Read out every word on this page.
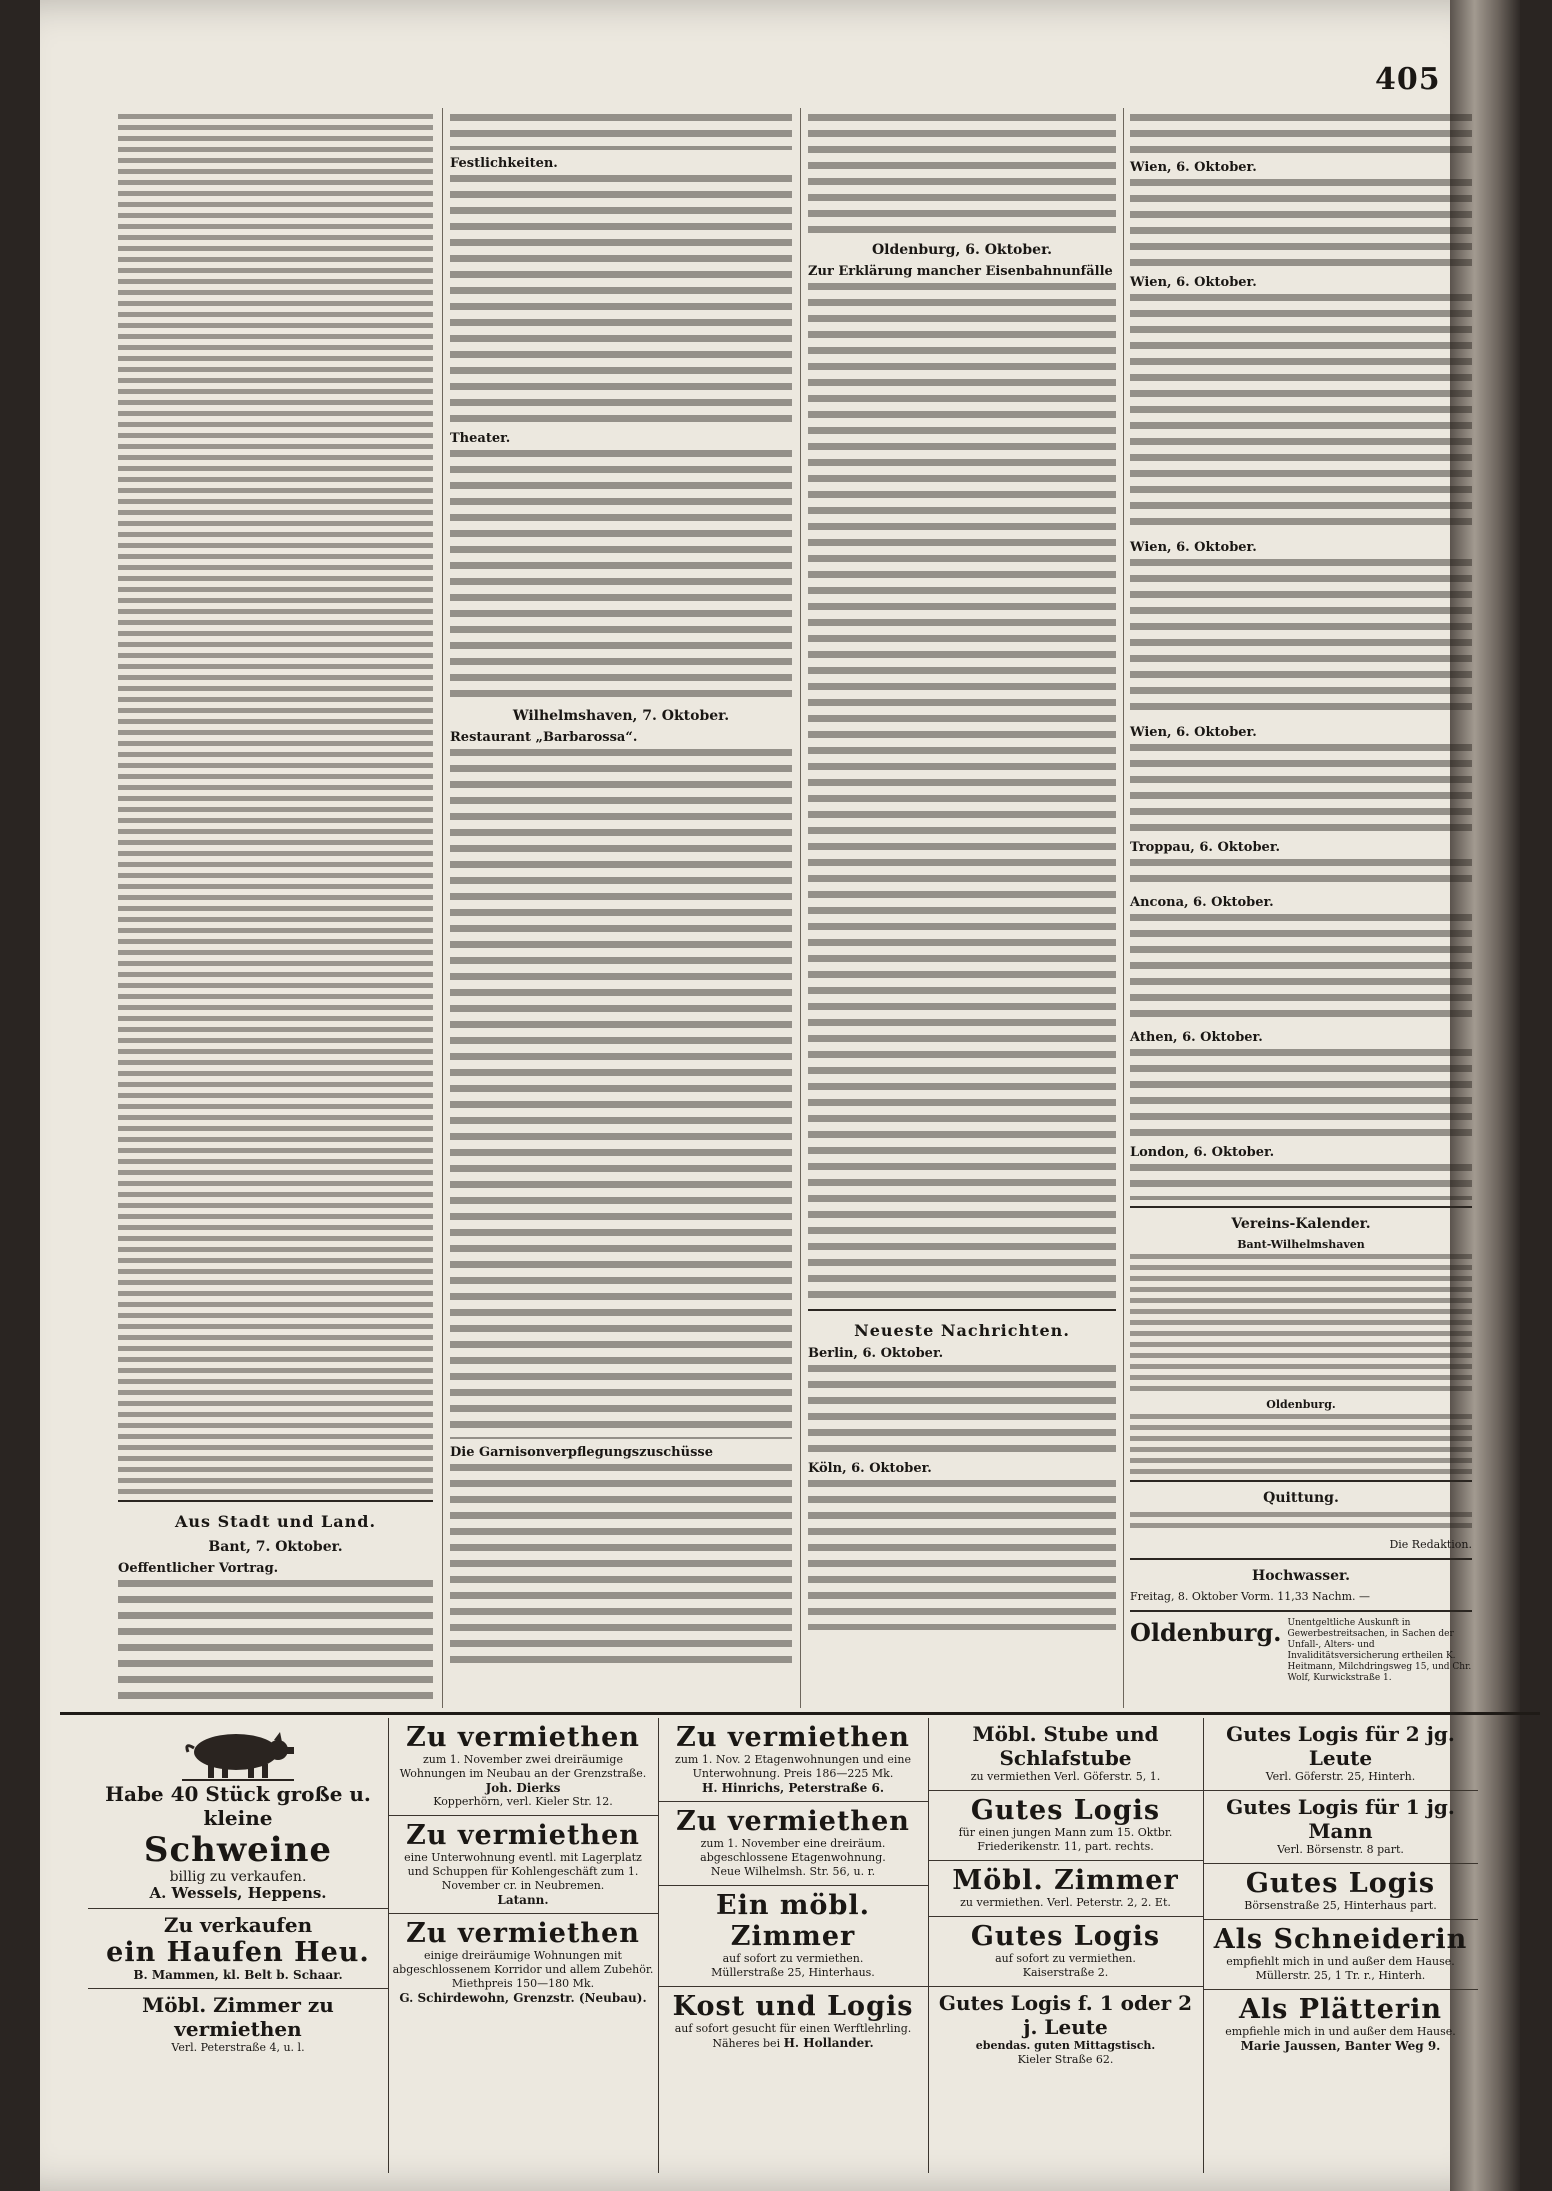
405
Aus Stadt und Land.
Bant, 7. Oktober.
Oeffentlicher Vortrag.
Festlichkeiten.
Theater.
Wilhelmshaven, 7. Oktober.
Restaurant „Barbarossa“.
Die Garnisonverpflegungszuschüsse
Oldenburg, 6. Oktober.
Zur Erklärung mancher Eisenbahnunfälle
Neueste Nachrichten.
Berlin, 6. Oktober.
Köln, 6. Oktober.
Wien, 6. Oktober.
Wien, 6. Oktober.
Wien, 6. Oktober.
Wien, 6. Oktober.
Troppau, 6. Oktober.
Ancona, 6. Oktober.
Athen, 6. Oktober.
London, 6. Oktober.
Vereins-Kalender.
Bant-Wilhelmshaven
Oldenburg.
Quittung.
Die Redaktion.
Hochwasser.
Freitag, 8. Oktober Vorm. 11,33 Nachm. —
Oldenburg. Unentgeltliche Auskunft in Gewerbestreitsachen, in Sachen der Unfall-, Alters- und Invaliditätsversicherung ertheilen K. Heitmann, Milchdringsweg 15, und Chr. Wolf, Kurwickstraße 1.
Habe 40 Stück große u. kleine
Schweine
billig zu verkaufen.
A. Wessels, Heppens.
Zu verkaufen
ein Haufen Heu.
B. Mammen, kl. Belt b. Schaar.
Möbl. Zimmer zu vermiethen
Verl. Peterstraße 4, u. l.
Zu vermiethen
zum 1. November zwei dreiräumige Wohnungen im Neubau an der Grenzstraße.
Joh. Dierks
Kopperhörn, verl. Kieler Str. 12.
Zu vermiethen
eine Unterwohnung eventl. mit Lagerplatz und Schuppen für Kohlengeschäft zum 1. November cr. in Neubremen.
Latann.
Zu vermiethen
einige dreiräumige Wohnungen mit abgeschlossenem Korridor und allem Zubehör. Miethpreis 150—180 Mk.
G. Schirdewohn, Grenzstr. (Neubau).
Zu vermiethen
zum 1. Nov. 2 Etagenwohnungen und eine Unterwohnung. Preis 186—225 Mk.
H. Hinrichs, Peterstraße 6.
Zu vermiethen
zum 1. November eine dreiräum. abgeschlossene Etagenwohnung.
Neue Wilhelmsh. Str. 56, u. r.
Ein möbl. Zimmer
auf sofort zu vermiethen.
Müllerstraße 25, Hinterhaus.
Kost und Logis
auf sofort gesucht für einen Werftlehrling.
Näheres bei H. Hollander.
Möbl. Stube und Schlafstube
zu vermiethen Verl. Göferstr. 5, 1.
Gutes Logis
für einen jungen Mann zum 15. Oktbr.
Friederikenstr. 11, part. rechts.
Möbl. Zimmer
zu vermiethen. Verl. Peterstr. 2, 2. Et.
Gutes Logis
auf sofort zu vermiethen.
Kaiserstraße 2.
Gutes Logis f. 1 oder 2 j. Leute
ebendas. guten Mittagstisch.
Kieler Straße 62.
Gutes Logis für 2 jg. Leute
Verl. Göferstr. 25, Hinterh.
Gutes Logis für 1 jg. Mann
Verl. Börsenstr. 8 part.
Gutes Logis
Börsenstraße 25, Hinterhaus part.
Als Schneiderin
empfiehlt mich in und außer dem Hause.
Müllerstr. 25, 1 Tr. r., Hinterh.
Als Plätterin
empfiehle mich in und außer dem Hause.
Marie Jaussen, Banter Weg 9.
